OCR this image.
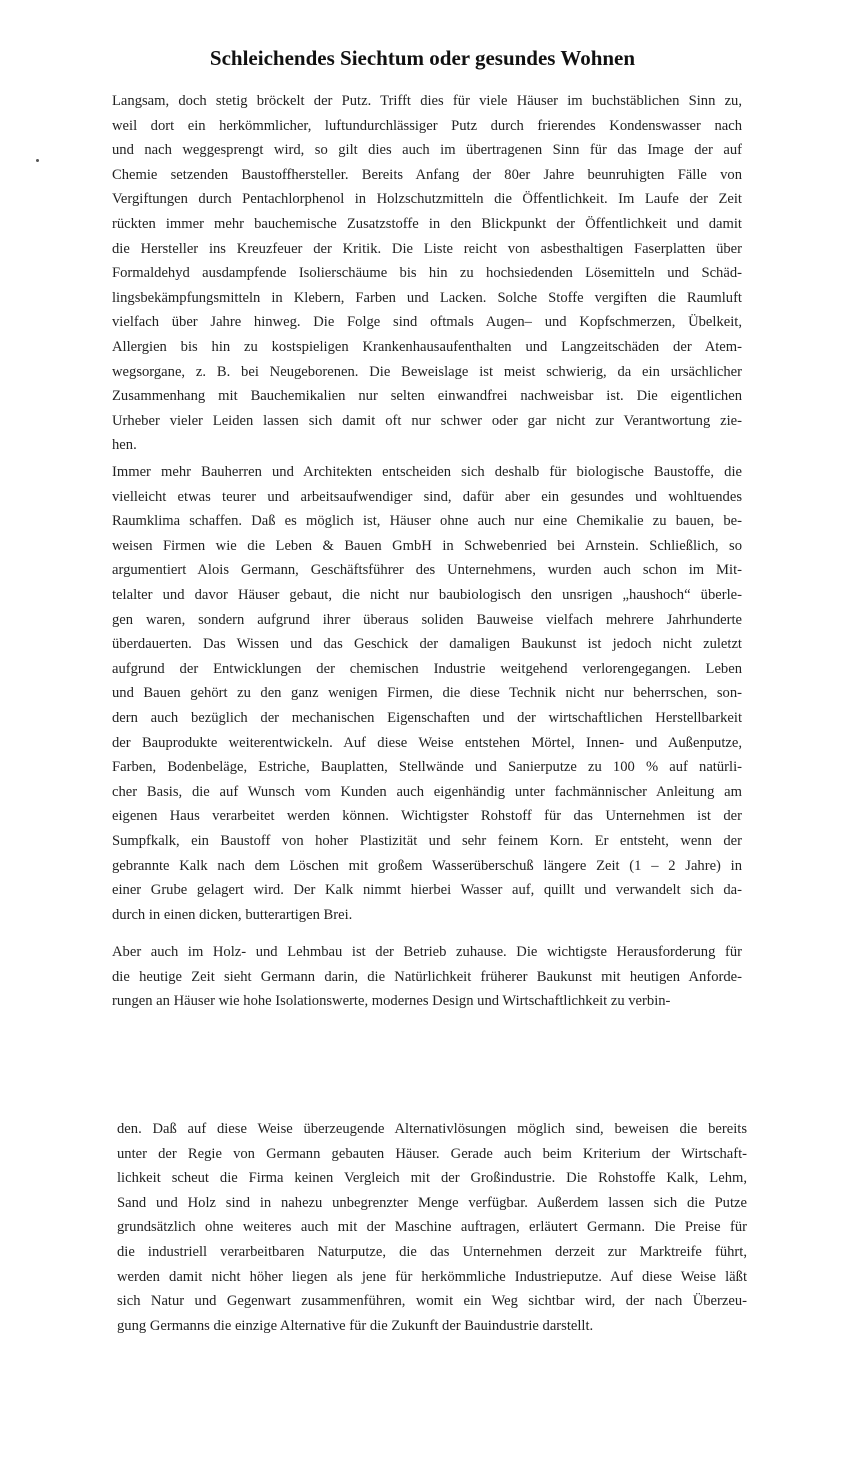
Schleichendes Siechtum oder gesundes Wohnen
Langsam, doch stetig bröckelt der Putz. Trifft dies für viele Häuser im buchstäblichen Sinn zu,
weil dort ein herkömmlicher, luftundurchlässiger Putz durch frierendes Kondenswasser nach
und nach weggesprengt wird, so gilt dies auch im übertragenen Sinn für das Image der auf
Chemie setzenden Baustoffhersteller. Bereits Anfang der 80er Jahre beunruhigten Fälle von
Vergiftungen durch Pentachlorphenol in Holzschutzmitteln die Öffentlichkeit. Im Laufe der Zeit
rückten immer mehr bauchemische Zusatzstoffe in den Blickpunkt der Öffentlichkeit und damit
die Hersteller ins Kreuzfeuer der Kritik. Die Liste reicht von asbesthaltigen Faserplatten über
Formaldehyd ausdampfende Isolierschäume bis hin zu hochsiedenden Lösemitteln und Schäd-
lingsbekämpfungsmitteln in Klebern, Farben und Lacken. Solche Stoffe vergiften die Raumluft
vielfach über Jahre hinweg. Die Folge sind oftmals Augen– und Kopfschmerzen, Übelkeit,
Allergien bis hin zu kostspieligen Krankenhausaufenthalten und Langzeitschäden der Atem-
wegsorgane, z. B. bei Neugeborenen. Die Beweislage ist meist schwierig, da ein ursächlicher
Zusammenhang mit Bauchemikalien nur selten einwandfrei nachweisbar ist. Die eigentlichen
Urheber vieler Leiden lassen sich damit oft nur schwer oder gar nicht zur Verantwortung zie-
hen.
Immer mehr Bauherren und Architekten entscheiden sich deshalb für biologische Baustoffe, die
vielleicht etwas teurer und arbeitsaufwendiger sind, dafür aber ein gesundes und wohltuendes
Raumklima schaffen. Daß es möglich ist, Häuser ohne auch nur eine Chemikalie zu bauen, be-
weisen Firmen wie die Leben & Bauen GmbH in Schwebenried bei Arnstein. Schließlich, so
argumentiert Alois Germann, Geschäftsführer des Unternehmens, wurden auch schon im Mit-
telalter und davor Häuser gebaut, die nicht nur baubiologisch den unsrigen „haushoch“ überle-
gen waren, sondern aufgrund ihrer überaus soliden Bauweise vielfach mehrere Jahrhunderte
überdauerten. Das Wissen und das Geschick der damaligen Baukunst ist jedoch nicht zuletzt
aufgrund der Entwicklungen der chemischen Industrie weitgehend verlorengegangen. Leben
und Bauen gehört zu den ganz wenigen Firmen, die diese Technik nicht nur beherrschen, son-
dern auch bezüglich der mechanischen Eigenschaften und der wirtschaftlichen Herstellbarkeit
der Bauprodukte weiterentwickeln. Auf diese Weise entstehen Mörtel, Innen- und Außenputze,
Farben, Bodenbeläge, Estriche, Bauplatten, Stellwände und Sanierputze zu 100 % auf natürli-
cher Basis, die auf Wunsch vom Kunden auch eigenhändig unter fachmännischer Anleitung am
eigenen Haus verarbeitet werden können. Wichtigster Rohstoff für das Unternehmen ist der
Sumpfkalk, ein Baustoff von hoher Plastizität und sehr feinem Korn. Er entsteht, wenn der
gebrannte Kalk nach dem Löschen mit großem Wasserüberschuß längere Zeit (1 – 2 Jahre) in
einer Grube gelagert wird. Der Kalk nimmt hierbei Wasser auf, quillt und verwandelt sich da-
durch in einen dicken, butterartigen Brei.
Aber auch im Holz- und Lehmbau ist der Betrieb zuhause. Die wichtigste Herausforderung für
die heutige Zeit sieht Germann darin, die Natürlichkeit früherer Baukunst mit heutigen Anforde-
rungen an Häuser wie hohe Isolationswerte, modernes Design und Wirtschaftlichkeit zu verbin-
den. Daß auf diese Weise überzeugende Alternativlösungen möglich sind, beweisen die bereits
unter der Regie von Germann gebauten Häuser. Gerade auch beim Kriterium der Wirtschaft-
lichkeit scheut die Firma keinen Vergleich mit der Großindustrie. Die Rohstoffe Kalk, Lehm,
Sand und Holz sind in nahezu unbegrenzter Menge verfügbar. Außerdem lassen sich die Putze
grundsätzlich ohne weiteres auch mit der Maschine auftragen, erläutert Germann. Die Preise für
die industriell verarbeitbaren Naturputze, die das Unternehmen derzeit zur Marktreife führt,
werden damit nicht höher liegen als jene für herkömmliche Industrieputze. Auf diese Weise läßt
sich Natur und Gegenwart zusammenführen, womit ein Weg sichtbar wird, der nach Überzeu-
gung Germanns die einzige Alternative für die Zukunft der Bauindustrie darstellt.
